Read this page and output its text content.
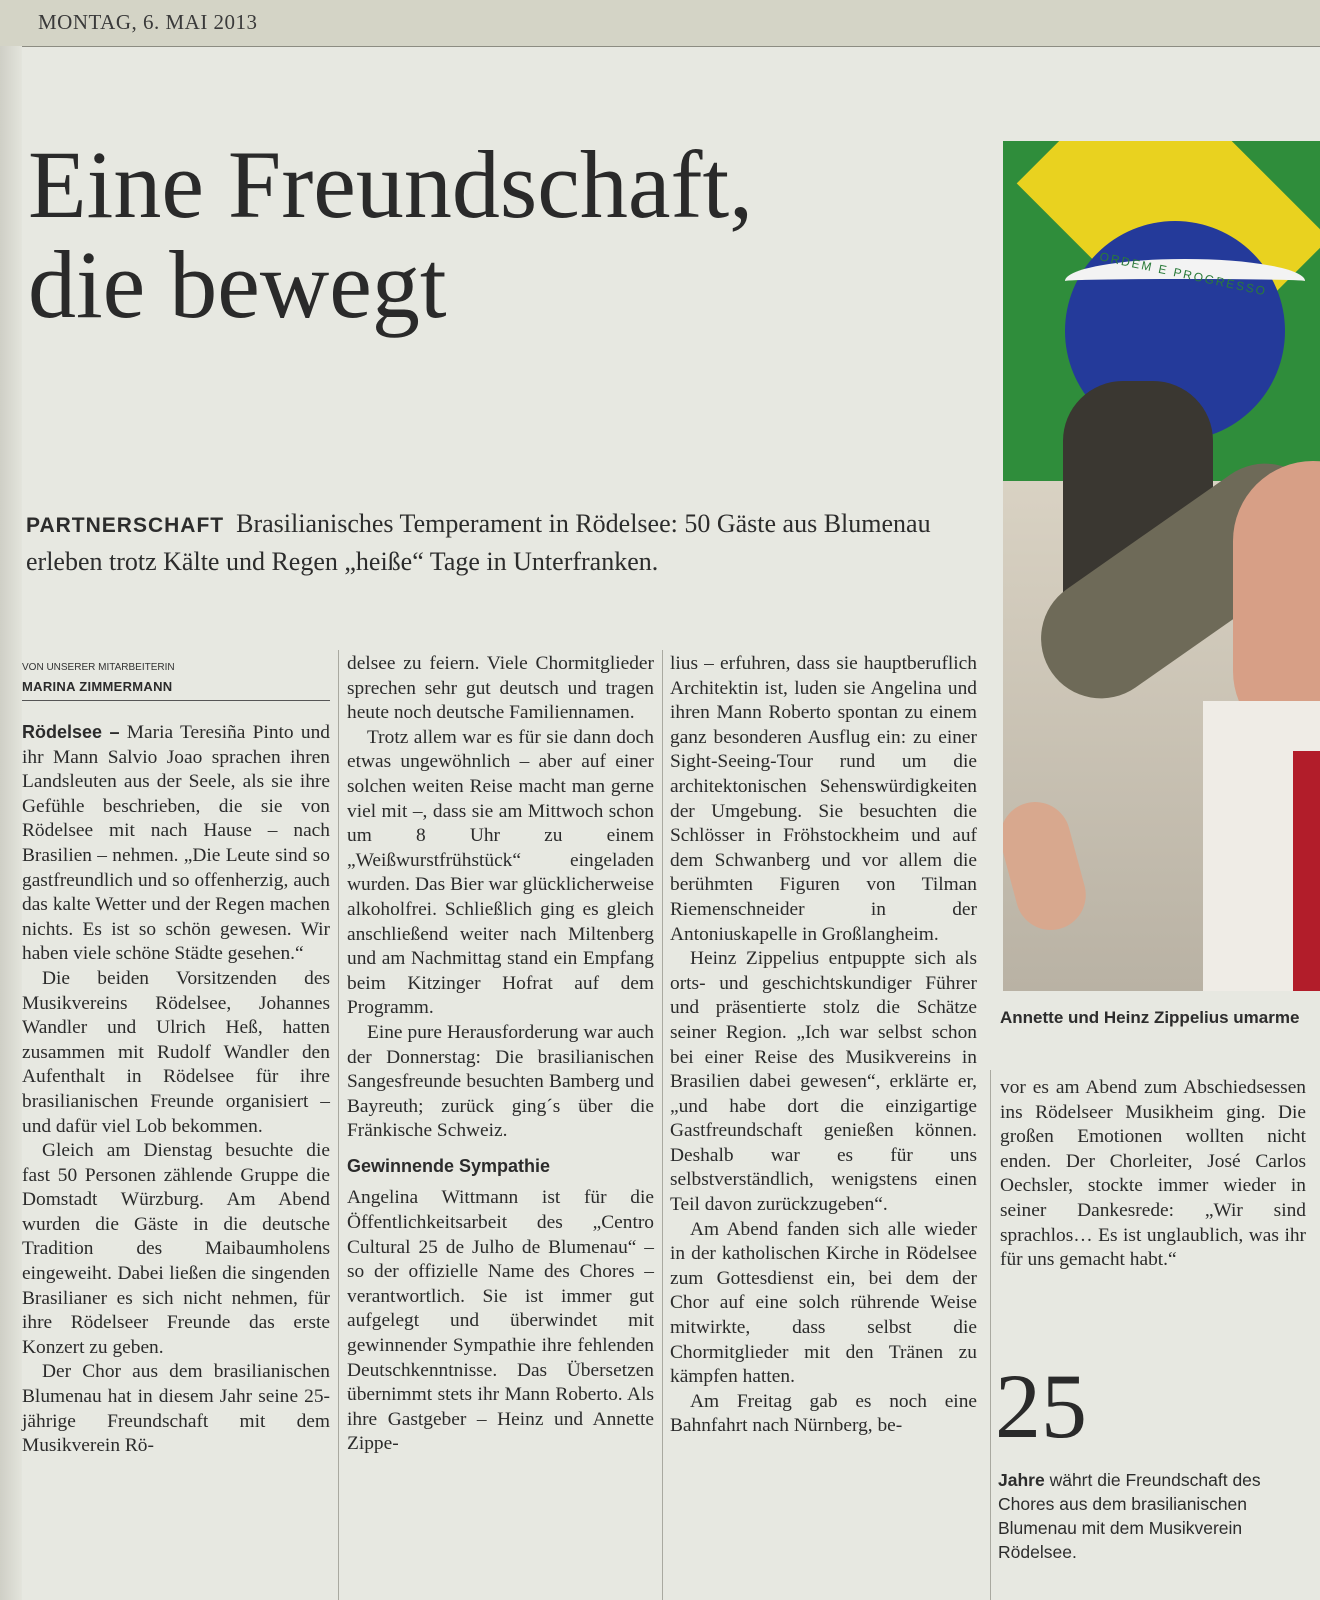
MONTAG, 6. MAI 2013
Eine Freundschaft,
die bewegt
PARTNERSCHAFT Brasilianisches Temperament in Rödelsee: 50 Gäste aus Blumenau erleben trotz Kälte und Regen „heiße“ Tage in Unterfranken.
ORDEM E PROGRESSO
Annette und Heinz Zippelius umarme
VON UNSERER MITARBEITERIN
MARINA ZIMMERMANN

Rödelsee – Maria Teresiña Pinto und ihr Mann Salvio Joao sprachen ihren Landsleuten aus der Seele, als sie ihre Gefühle beschrieben, die sie von Rödelsee mit nach Hause – nach Brasilien – nehmen. „Die Leute sind so gastfreundlich und so offenherzig, auch das kalte Wetter und der Regen machen nichts. Es ist so schön gewesen. Wir haben viele schöne Städte gesehen.“

Die beiden Vorsitzenden des Musikvereins Rödelsee, Johannes Wandler und Ulrich Heß, hatten zusammen mit Rudolf Wandler den Aufenthalt in Rödelsee für ihre brasilianischen Freunde organisiert – und dafür viel Lob bekommen.

Gleich am Dienstag besuchte die fast 50 Personen zählende Gruppe die Domstadt Würzburg. Am Abend wurden die Gäste in die deutsche Tradition des Maibaumholens eingeweiht. Dabei ließen die singenden Brasilianer es sich nicht nehmen, für ihre Rödelseer Freunde das erste Konzert zu geben.

Der Chor aus dem brasilianischen Blumenau hat in diesem Jahr seine 25-jährige Freundschaft mit dem Musikverein Rö-

delsee zu feiern. Viele Chormitglieder sprechen sehr gut deutsch und tragen heute noch deutsche Familiennamen.

Trotz allem war es für sie dann doch etwas ungewöhnlich – aber auf einer solchen weiten Reise macht man gerne viel mit –, dass sie am Mittwoch schon um 8 Uhr zu einem „Weißwurstfrühstück“ eingeladen wurden. Das Bier war glücklicherweise alkoholfrei. Schließlich ging es gleich anschließend weiter nach Miltenberg und am Nachmittag stand ein Empfang beim Kitzinger Hofrat auf dem Programm.

Eine pure Herausforderung war auch der Donnerstag: Die brasilianischen Sangesfreunde besuchten Bamberg und Bayreuth; zurück ging´s über die Fränkische Schweiz.

Gewinnende Sympathie

Angelina Wittmann ist für die Öffentlichkeitsarbeit des „Centro Cultural 25 de Julho de Blumenau“ – so der offizielle Name des Chores – verantwortlich. Sie ist immer gut aufgelegt und überwindet mit gewinnender Sympathie ihre fehlenden Deutschkenntnisse. Das Übersetzen übernimmt stets ihr Mann Roberto. Als ihre Gastgeber – Heinz und Annette Zippe-

lius – erfuhren, dass sie hauptberuflich Architektin ist, luden sie Angelina und ihren Mann Roberto spontan zu einem ganz besonderen Ausflug ein: zu einer Sight-Seeing-Tour rund um die architektonischen Sehenswürdigkeiten der Umgebung. Sie besuchten die Schlösser in Fröhstockheim und auf dem Schwanberg und vor allem die berühmten Figuren von Tilman Riemenschneider in der Antoniuskapelle in Großlangheim.

Heinz Zippelius entpuppte sich als orts- und geschichtskundiger Führer und präsentierte stolz die Schätze seiner Region. „Ich war selbst schon bei einer Reise des Musikvereins in Brasilien dabei gewesen“, erklärte er, „und habe dort die einzigartige Gastfreundschaft genießen können. Deshalb war es für uns selbstverständlich, wenigstens einen Teil davon zurückzugeben“.

Am Abend fanden sich alle wieder in der katholischen Kirche in Rödelsee zum Gottesdienst ein, bei dem der Chor auf eine solch rührende Weise mitwirkte, dass selbst die Chormitglieder mit den Tränen zu kämpfen hatten.

Am Freitag gab es noch eine Bahnfahrt nach Nürnberg, be-

vor es am Abend zum Abschiedsessen ins Rödelseer Musikheim ging. Die großen Emotionen wollten nicht enden. Der Chorleiter, José Carlos Oechsler, stockte immer wieder in seiner Dankesrede: „Wir sind sprachlos… Es ist unglaublich, was ihr für uns gemacht habt.“

25
Jahre währt die Freundschaft des Chores aus dem brasilianischen Blumenau mit dem Musikverein Rödelsee.
